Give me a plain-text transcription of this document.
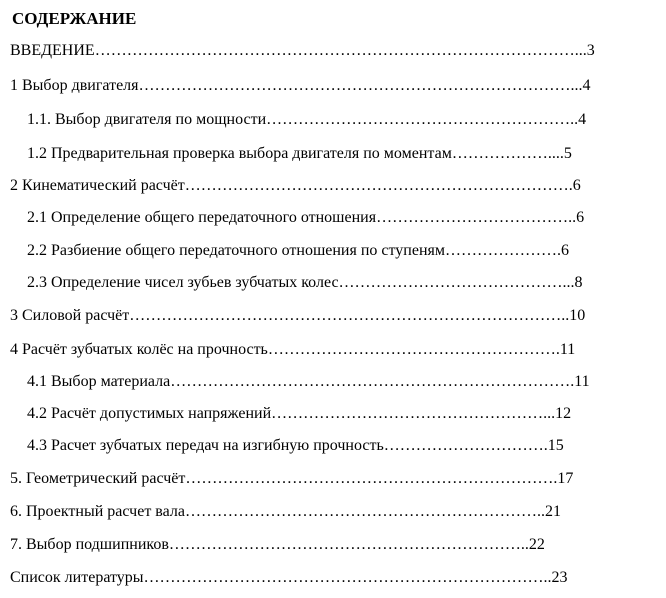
СОДЕРЖАНИЕ
ВВЕДЕНИЕ………………………………………………………………………………...3
1 Выбор двигателя………………………………………………………………………...4
1.1. Выбор двигателя по мощности…………………………………………………..4
1.2 Предварительная проверка выбора двигателя по моментам………………....5
2 Кинематический расчёт……………………………………………………………….6
2.1 Определение общего передаточного отношения………………………………..6
2.2 Разбиение общего передаточного отношения по ступеням………………….6
2.3 Определение чисел зубьев зубчатых колес……………………………………...8
3 Силовой расчёт………………………………………………………………………..10
4 Расчёт зубчатых колёс на прочность……………………………………………….11
4.1 Выбор материала………………………………………………………………….11
4.2 Расчёт допустимых напряжений……………………………………………...12
4.3 Расчет зубчатых передач на изгибную прочность………………………….15
5. Геометрический расчёт…………………………………………………………….17
6. Проектный расчет вала…………………………………………………………..21
7. Выбор подшипников…………………………………………………………..22
Список литературы…………………………………………………………………..23
